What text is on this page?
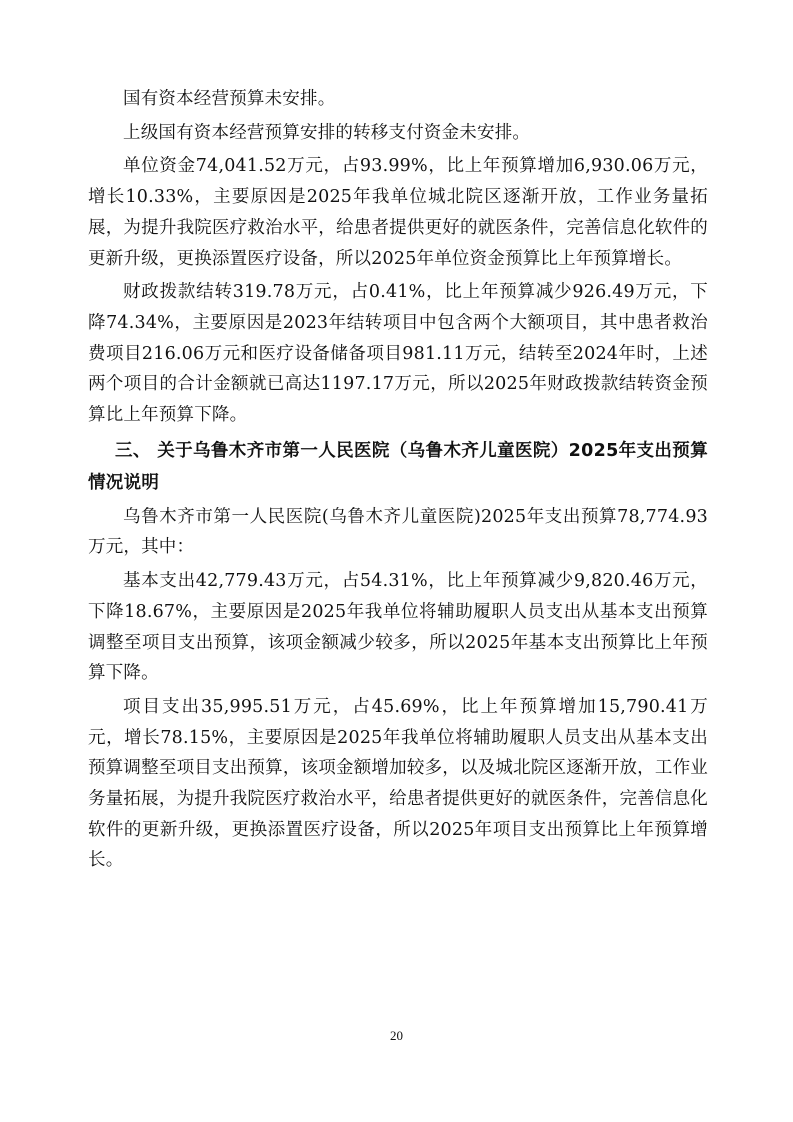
国有资本经营预算未安排。

上级国有资本经营预算安排的转移支付资金未安排。

单位资金74,041.52万元，占93.99%，比上年预算增加6,930.06万元，增长10.33%，主要原因是2025年我单位城北院区逐渐开放，工作业务量拓展，为提升我院医疗救治水平，给患者提供更好的就医条件，完善信息化软件的更新升级，更换添置医疗设备，所以2025年单位资金预算比上年预算增长。

财政拨款结转319.78万元，占0.41%，比上年预算减少926.49万元，下降74.34%，主要原因是2023年结转项目中包含两个大额项目，其中患者救治费项目216.06万元和医疗设备储备项目981.11万元，结转至2024年时，上述两个项目的合计金额就已高达1197.17万元，所以2025年财政拨款结转资金预算比上年预算下降。

三、 关于乌鲁木齐市第一人民医院（乌鲁木齐儿童医院）2025年支出预算情况说明

乌鲁木齐市第一人民医院(乌鲁木齐儿童医院)2025年支出预算78,774.93万元，其中：

基本支出42,779.43万元，占54.31%，比上年预算减少9,820.46万元，下降18.67%，主要原因是2025年我单位将辅助履职人员支出从基本支出预算调整至项目支出预算，该项金额减少较多，所以2025年基本支出预算比上年预算下降。

项目支出35,995.51万元，占45.69%，比上年预算增加15,790.41万元，增长78.15%，主要原因是2025年我单位将辅助履职人员支出从基本支出预算调整至项目支出预算，该项金额增加较多，以及城北院区逐渐开放，工作业务量拓展，为提升我院医疗救治水平，给患者提供更好的就医条件，完善信息化软件的更新升级，更换添置医疗设备，所以2025年项目支出预算比上年预算增长。

20
